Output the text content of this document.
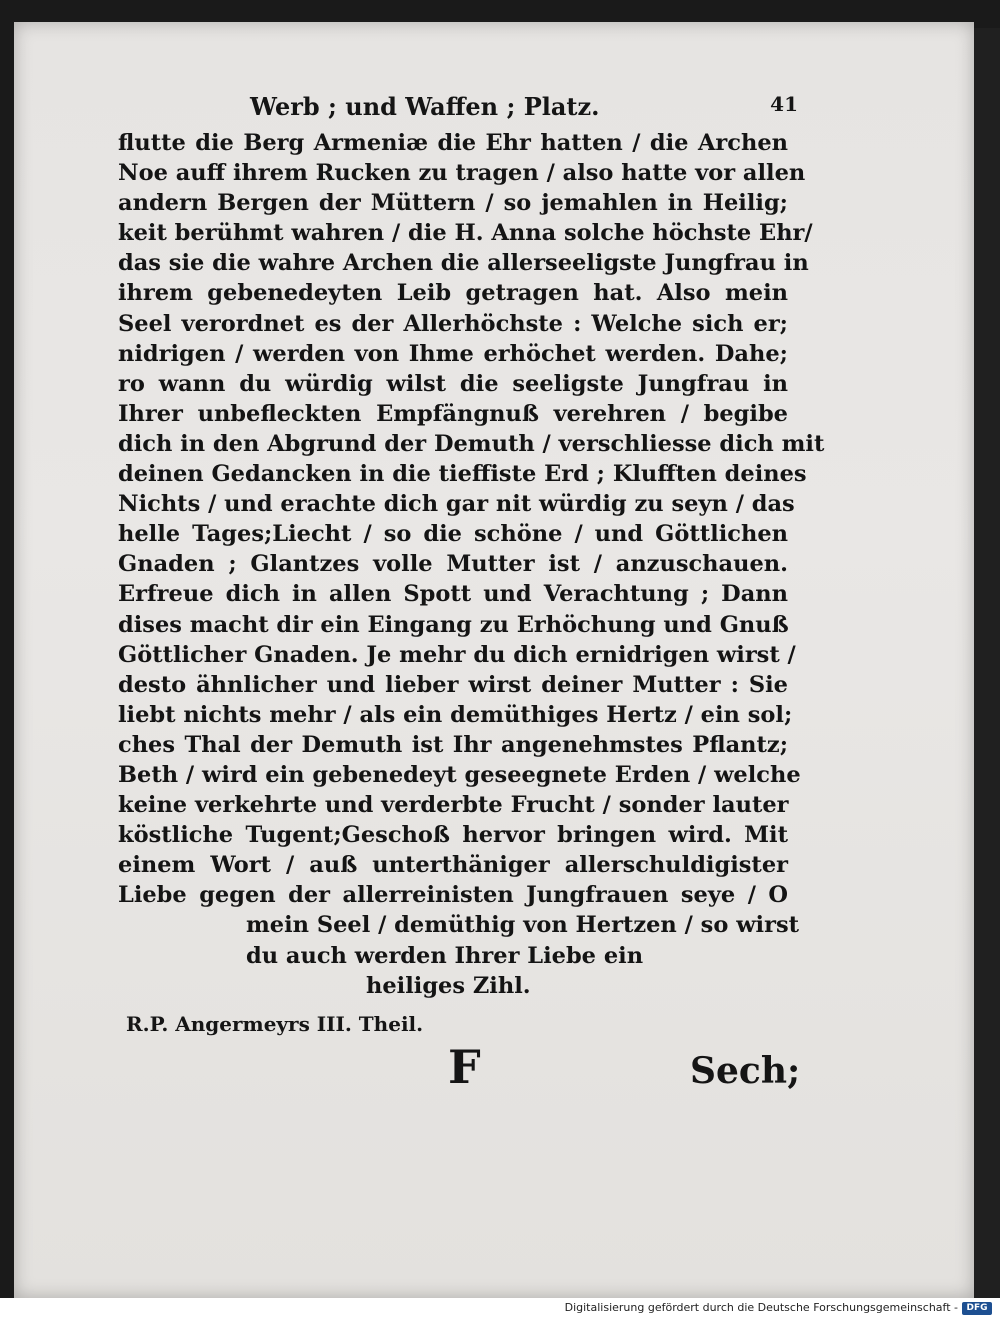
Werb ; und Waffen ; Platz.	41
flutte die Berg Armeniæ die Ehr hatten / die Archen
Noe auff ihrem Rucken zu tragen / also hatte vor allen
andern Bergen der Müttern / so jemahlen in Heilig;
keit berühmt wahren / die H. Anna solche höchste Ehr/
das sie die wahre Archen die allerseeligste Jungfrau in
ihrem gebenedeyten Leib getragen hat. Also mein
Seel verordnet es der Allerhöchste : Welche sich er;
nidrigen / werden von Ihme erhöchet werden. Dahe;
ro wann du würdig wilst die seeligste Jungfrau in
Ihrer unbefleckten Empfängnuß verehren / begibe
dich in den Abgrund der Demuth / verschliesse dich mit
deinen Gedancken in die tieffiste Erd ; Klufften deines
Nichts / und erachte dich gar nit würdig zu seyn / das
helle Tages;Liecht / so die schöne / und Göttlichen
Gnaden ; Glantzes volle Mutter ist / anzuschauen.
Erfreue dich in allen Spott und Verachtung ; Dann
dises macht dir ein Eingang zu Erhöchung und Gnuß
Göttlicher Gnaden. Je mehr du dich ernidrigen wirst /
desto ähnlicher und lieber wirst deiner Mutter : Sie
liebt nichts mehr / als ein demüthiges Hertz / ein sol;
ches Thal der Demuth ist Ihr angenehmstes Pflantz;
Beth / wird ein gebenedeyt geseegnete Erden / welche
keine verkehrte und verderbte Frucht / sonder lauter
köstliche Tugent;Geschoß hervor bringen wird. Mit
einem Wort / auß unterthäniger allerschuldigister
Liebe gegen der allerreinisten Jungfrauen seye / O
mein Seel / demüthig von Hertzen / so wirst
du auch werden Ihrer Liebe ein
heiliges Zihl.
R.P. Angermeyrs III. Theil.
F	Sech;
Digitalisierung gefördert durch die Deutsche Forschungsgemeinschaft - DFG
